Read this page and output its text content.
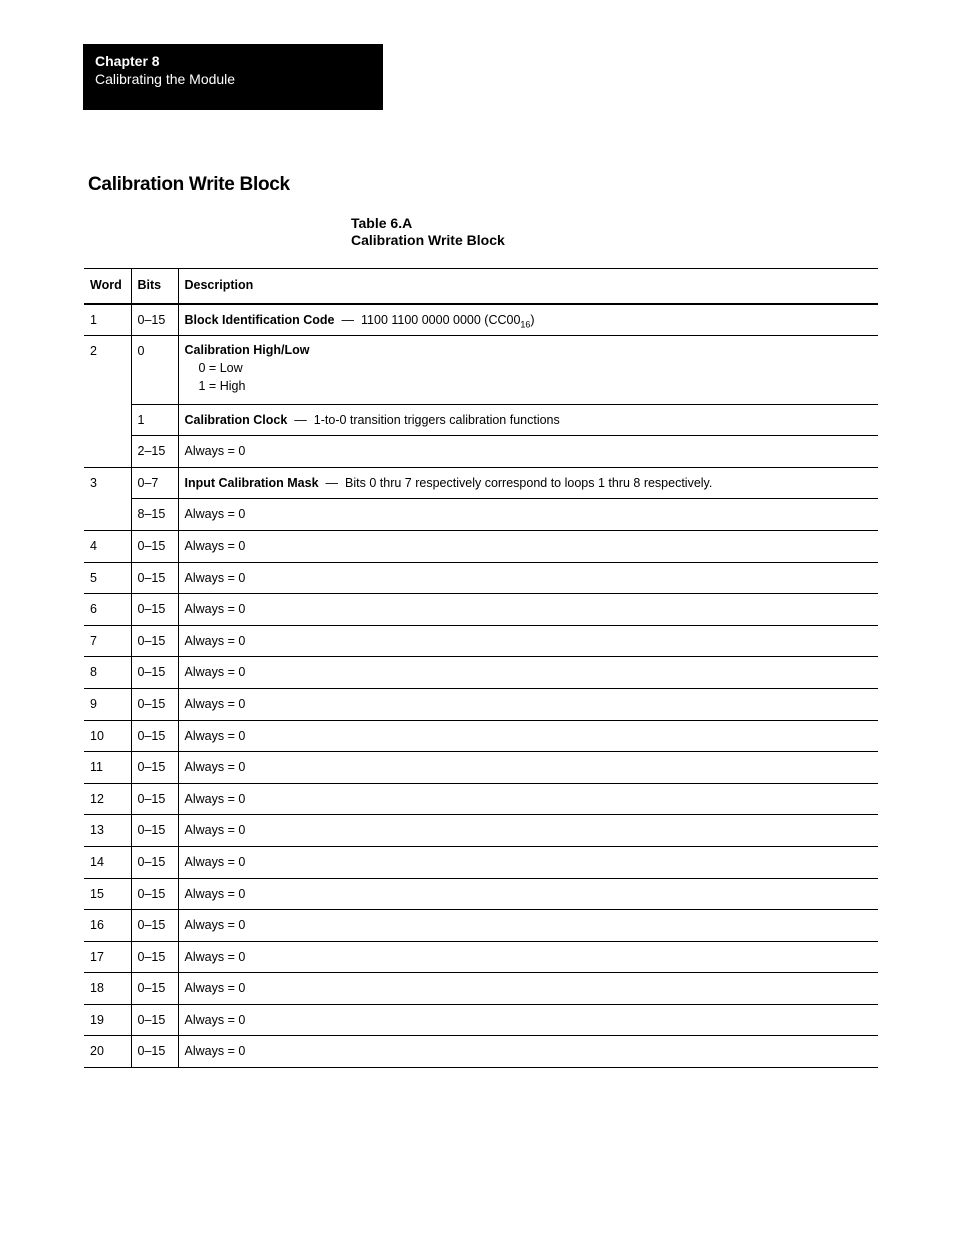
Chapter 8
Calibrating the Module
Calibration Write Block
Table 6.A
Calibration Write Block
Word	Bits	Description
1	0–15	Block Identification Code — 1100 1100 0000 0000 $(CC00_{16})$
2	0	Calibration High/Low
0 = Low
1 = High

	1	Calibration Clock — 1-to-0 transition triggers calibration functions
	2–15	Always = 0
3	0–7	Input Calibration Mask — Bits 0 thru 7 respectively correspond to loops 1 thru 8 respectively.
	8–15	Always = 0
4	0–15	Always = 0
5	0–15	Always = 0
6	0–15	Always = 0
7	0–15	Always = 0
8	0–15	Always = 0
9	0–15	Always = 0
10	0–15	Always = 0
11	0–15	Always = 0
12	0–15	Always = 0
13	0–15	Always = 0
14	0–15	Always = 0
15	0–15	Always = 0
16	0–15	Always = 0
17	0–15	Always = 0
18	0–15	Always = 0
19	0–15	Always = 0
20	0–15	Always = 0
